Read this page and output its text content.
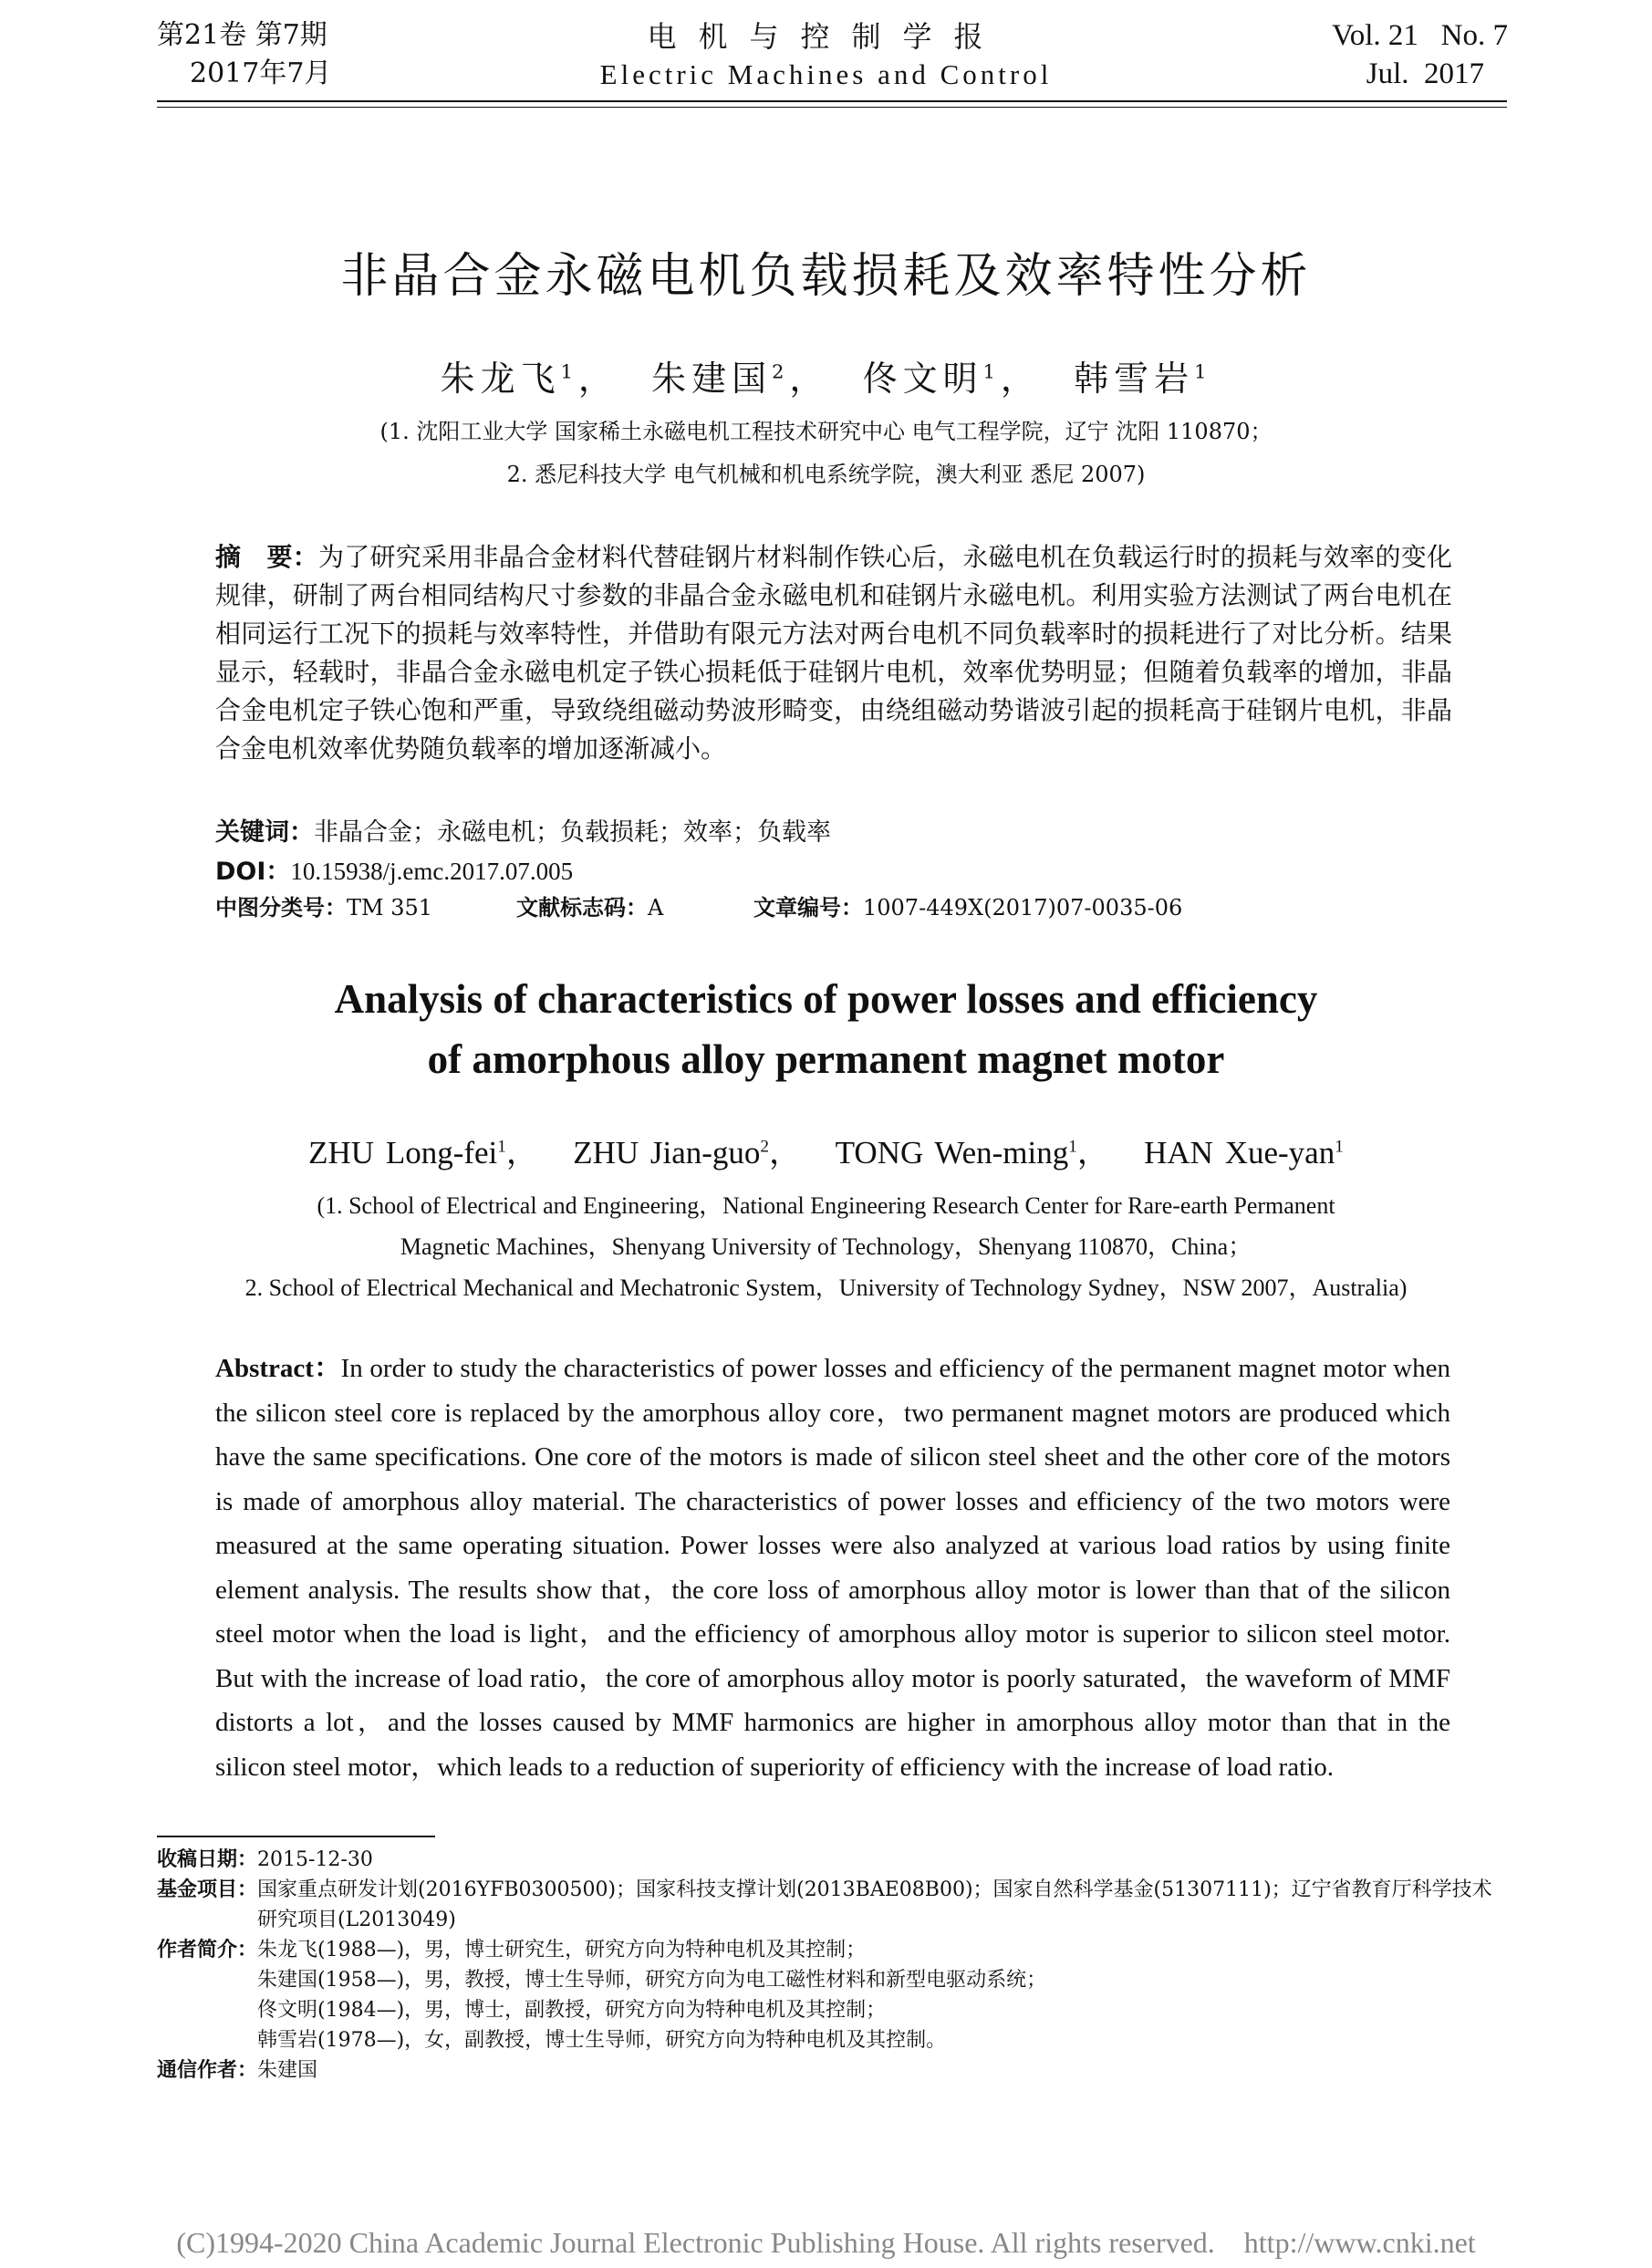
第21卷 第7期
2017年7月
电机与控制学报
Electric Machines and Control
Vol. 21   No. 7
Jul.  2017
非晶合金永磁电机负载损耗及效率特性分析
朱龙飞$^1$， 朱建国$^2$， 佟文明$^1$， 韩雪岩$^1$
(1. 沈阳工业大学 国家稀土永磁电机工程技术研究中心 电气工程学院，辽宁 沈阳 110870；
2. 悉尼科技大学 电气机械和机电系统学院，澳大利亚 悉尼 2007)
摘　要：为了研究采用非晶合金材料代替硅钢片材料制作铁心后，永磁电机在负载运行时的损耗与效率的变化规律，研制了两台相同结构尺寸参数的非晶合金永磁电机和硅钢片永磁电机。利用实验方法测试了两台电机在相同运行工况下的损耗与效率特性，并借助有限元方法对两台电机不同负载率时的损耗进行了对比分析。结果显示，轻载时，非晶合金永磁电机定子铁心损耗低于硅钢片电机，效率优势明显；但随着负载率的增加，非晶合金电机定子铁心饱和严重，导致绕组磁动势波形畸变，由绕组磁动势谐波引起的损耗高于硅钢片电机，非晶合金电机效率优势随负载率的增加逐渐减小。
关键词：非晶合金；永磁电机；负载损耗；效率；负载率
DOI：10.15938/j.emc.2017.07.005
中图分类号：TM 351	文献标志码：A	文章编号：1007-449X(2017)07-0035-06
Analysis of characteristics of power losses and efficiency
of amorphous alloy permanent magnet motor
ZHU Long-fei$^1$， ZHU Jian-guo$^2$， TONG Wen-ming$^1$， HAN Xue-yan$^1$
(1. School of Electrical and Engineering，National Engineering Research Center for Rare-earth Permanent
Magnetic Machines，Shenyang University of Technology，Shenyang 110870，China；
2. School of Electrical Mechanical and Mechatronic System，University of Technology Sydney，NSW 2007，Australia)
Abstract：In order to study the characteristics of power losses and efficiency of the permanent magnet motor when the silicon steel core is replaced by the amorphous alloy core，two permanent magnet motors are produced which have the same specifications. One core of the motors is made of silicon steel sheet and the other core of the motors is made of amorphous alloy material. The characteristics of power losses and efficiency of the two motors were measured at the same operating situation. Power losses were also analyzed at various load ratios by using finite element analysis. The results show that，the core loss of amorphous alloy motor is lower than that of the silicon steel motor when the load is light，and the efficiency of amorphous alloy motor is superior to silicon steel motor. But with the increase of load ratio，the core of amorphous alloy motor is poorly saturated，the waveform of MMF distorts a lot，and the losses caused by MMF harmonics are higher in amorphous alloy motor than that in the silicon steel motor，which leads to a reduction of superiority of efficiency with the increase of load ratio.
收稿日期：2015-12-30
基金项目： 国家重点研发计划(2016YFB0300500)；国家科技支撑计划(2013BAE08B00)；国家自然科学基金(51307111)；辽宁省教育厅科学技术研究项目(L2013049)
作者简介： 朱龙飞(1988—)，男，博士研究生，研究方向为特种电机及其控制；
朱建国(1958—)，男，教授，博士生导师，研究方向为电工磁性材料和新型电驱动系统；
佟文明(1984—)，男，博士，副教授，研究方向为特种电机及其控制；
韩雪岩(1978—)，女，副教授，博士生导师，研究方向为特种电机及其控制。
通信作者：朱建国
(C)1994-2020 China Academic Journal Electronic Publishing House. All rights reserved.    http://www.cnki.net
